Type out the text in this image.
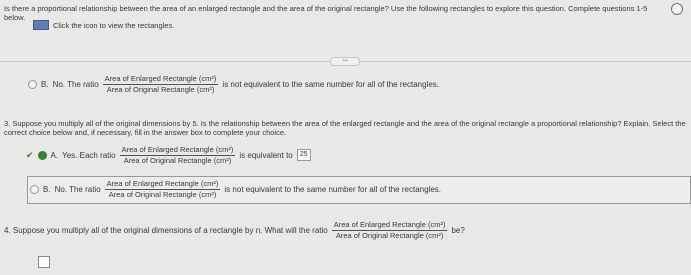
Is there a proportional relationship between the area of an enlarged rectangle and the area of the original rectangle? Use the following rectangles to explore this question. Complete questions 1-5 below.
Click the icon to view the rectangles.
•••
B. No. The ratio $\frac{\text{Area of Enlarged Rectangle (cm²)}}{\text{Area of Original Rectangle (cm²)}}$ is not equivalent to the same number for all of the rectangles.
3. Suppose you multiply all of the original dimensions by 5. Is the relationship between the area of the enlarged rectangle and the area of the original rectangle a proportional relationship? Explain. Select the correct choice below and, if necessary, fill in the answer box to complete your choice.
✔ A. Yes. Each ratio $\frac{\text{Area of Enlarged Rectangle (cm²)}}{\text{Area of Original Rectangle (cm²)}}$ is equivalent to	25
B. No. The ratio $\frac{\text{Area of Enlarged Rectangle (cm²)}}{\text{Area of Original Rectangle (cm²)}}$ is not equivalent to the same number for all of the rectangles.
4. Suppose you multiply all of the original dimensions of a rectangle by n. What will the ratio $\frac{\text{Area of Enlarged Rectangle (cm²)}}{\text{Area of Original Rectangle (cm²)}}$ be?
